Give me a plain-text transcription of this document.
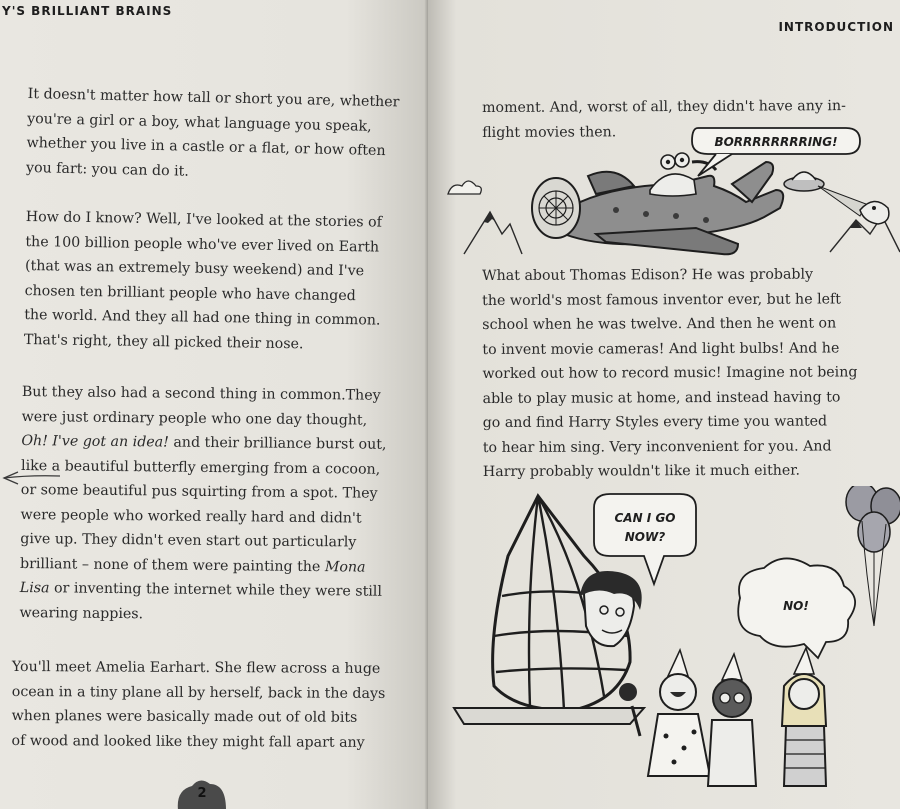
Y'S BRILLIANT BRAINS
It doesn't matter how tall or short you are, whether
you're a girl or a boy, what language you speak,
whether you live in a castle or a flat, or how often
you fart: you can do it.
How do I know? Well, I've looked at the stories of
the 100 billion people who've ever lived on Earth
(that was an extremely busy weekend) and I've
chosen ten brilliant people who have changed
the world. And they all had one thing in common.
That's right, they all picked their nose.
But they also had a second thing in common.They
were just ordinary people who one day thought,
Oh! I've got an idea! and their brilliance burst out,
like a beautiful butterfly emerging from a cocoon,
or some beautiful pus squirting from a spot. They
were people who worked really hard and didn't
give up. They didn't even start out particularly
brilliant – none of them were painting the Mona
Lisa or inventing the internet while they were still
wearing nappies.
You'll meet Amelia Earhart. She flew across a huge
ocean in a tiny plane all by herself, back in the days
when planes were basically made out of old bits
of wood and looked like they might fall apart any
2
INTRODUCTION
moment. And, worst of all, they didn't have any in-
flight movies then.
BORRRRRRRRING!
What about Thomas Edison? He was probably
the world's most famous inventor ever, but he left
school when he was twelve. And then he went on
to invent movie cameras! And light bulbs! And he
worked out how to record music! Imagine not being
able to play music at home, and instead having to
go and find Harry Styles every time you wanted
to hear him sing. Very inconvenient for you. And
Harry probably wouldn't like it much either.
CAN I GO
NOW?
NO!
